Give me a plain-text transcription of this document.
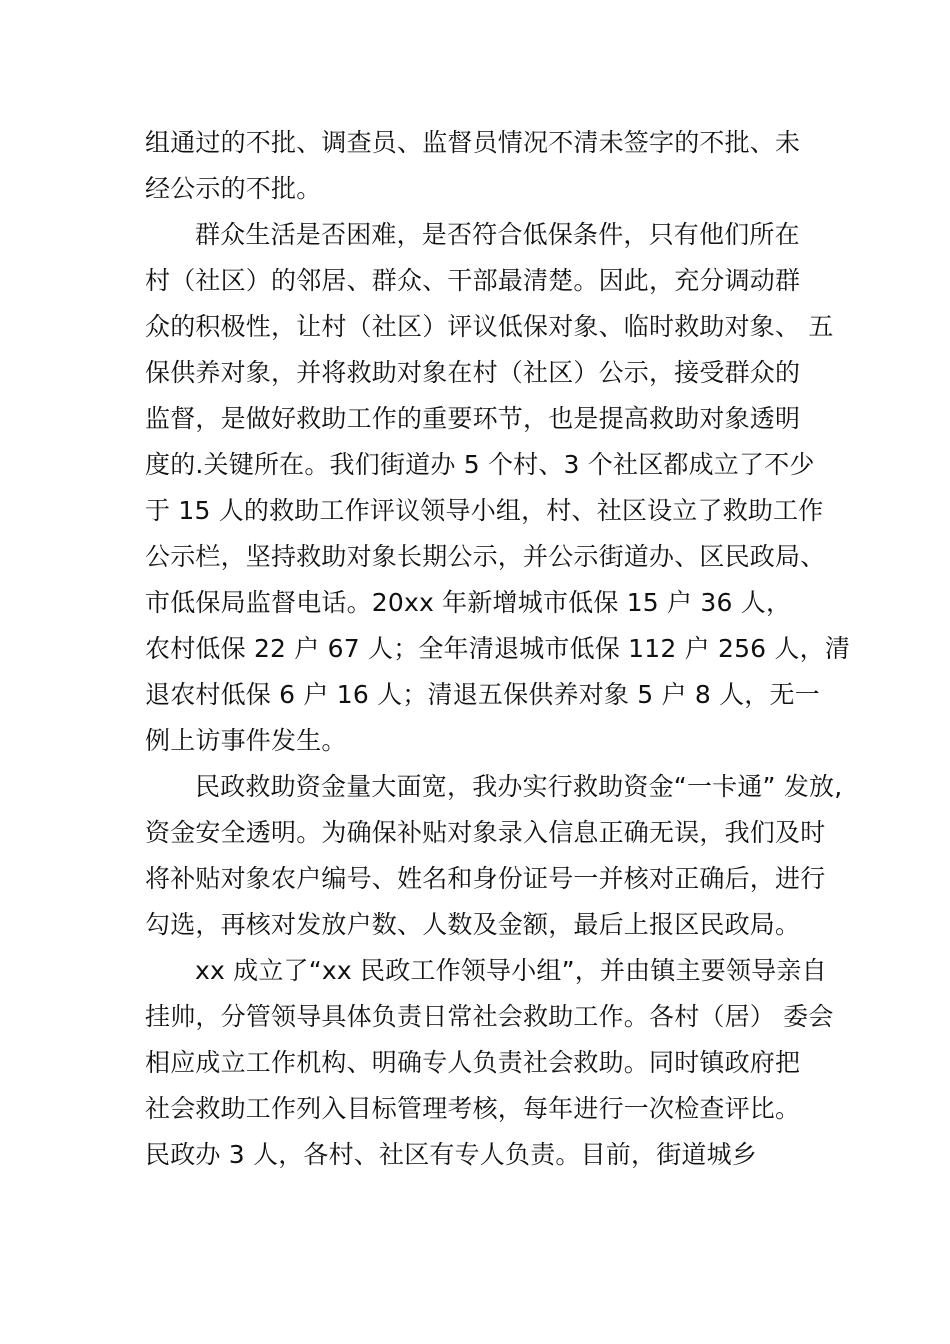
组通过的不批、调查员、监督员情况不清未签字的不批、未

经公示的不批。

群众生活是否困难，是否符合低保条件，只有他们所在

村（社区）的邻居、群众、干部最清楚。因此，充分调动群

众的积极性，让村（社区）评议低保对象、临时救助对象、 五

保供养对象，并将救助对象在村（社区）公示，接受群众的

监督，是做好救助工作的重要环节，也是提高救助对象透明

度的.关键所在。我们街道办 5 个村、3 个社区都成立了不少

于 15 人的救助工作评议领导小组，村、社区设立了救助工作

公示栏，坚持救助对象长期公示，并公示街道办、区民政局、

市低保局监督电话。20xx 年新增城市低保 15 户 36 人，

农村低保 22 户 67 人；全年清退城市低保 112 户 256 人，清

退农村低保 6 户 16 人；清退五保供养对象 5 户 8 人，无一

例上访事件发生。

民政救助资金量大面宽，我办实行救助资金“一卡通” 发放,

资金安全透明。为确保补贴对象录入信息正确无误，我们及时

将补贴对象农户编号、姓名和身份证号一并核对正确后，进行

勾选，再核对发放户数、人数及金额，最后上报区民政局。

xx 成立了“xx 民政工作领导小组”，并由镇主要领导亲自

挂帅，分管领导具体负责日常社会救助工作。各村（居） 委会

相应成立工作机构、明确专人负责社会救助。同时镇政府把

社会救助工作列入目标管理考核，每年进行一次检查评比。

民政办 3 人，各村、社区有专人负责。目前，街道城乡
